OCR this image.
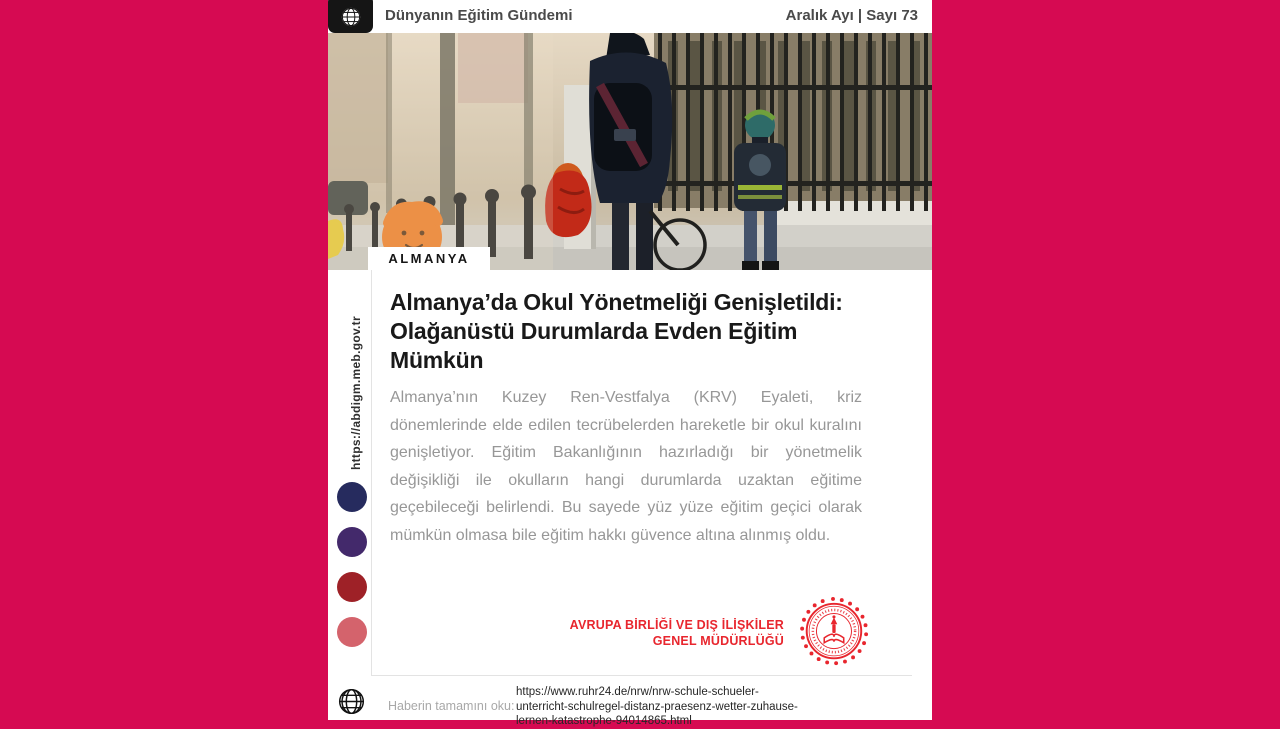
Dünyanın Eğitim Gündemi	Aralık Ayı | Sayı 73
ALMANYA
https://abdigm.meb.gov.tr
Almanya’da Okul Yönetmeliği Genişletildi:
Olağanüstü Durumlarda Evden Eğitim Mümkün
Almanya’nın Kuzey Ren-Vestfalya (KRV) Eyaleti, kriz dönemlerinde elde edilen tecrübelerden hareketle bir okul kuralını genişletiyor. Eğitim Bakanlığının hazırladığı bir yönetmelik değişikliği ile okulların hangi durumlarda uzaktan eğitime geçebileceği belirlendi. Bu sayede yüz yüze eğitim geçici olarak mümkün olmasa bile eğitim hakkı güvence altına alınmış oldu.
AVRUPA BİRLİĞİ VE DIŞ İLİŞKİLER
GENEL MÜDÜRLÜĞÜ
Haberin tamamını oku:
https://www.ruhr24.de/nrw/nrw-schule-schueler-
unterricht-schulregel-distanz-praesenz-wetter-zuhause-
lernen-katastrophe-94014865.html
